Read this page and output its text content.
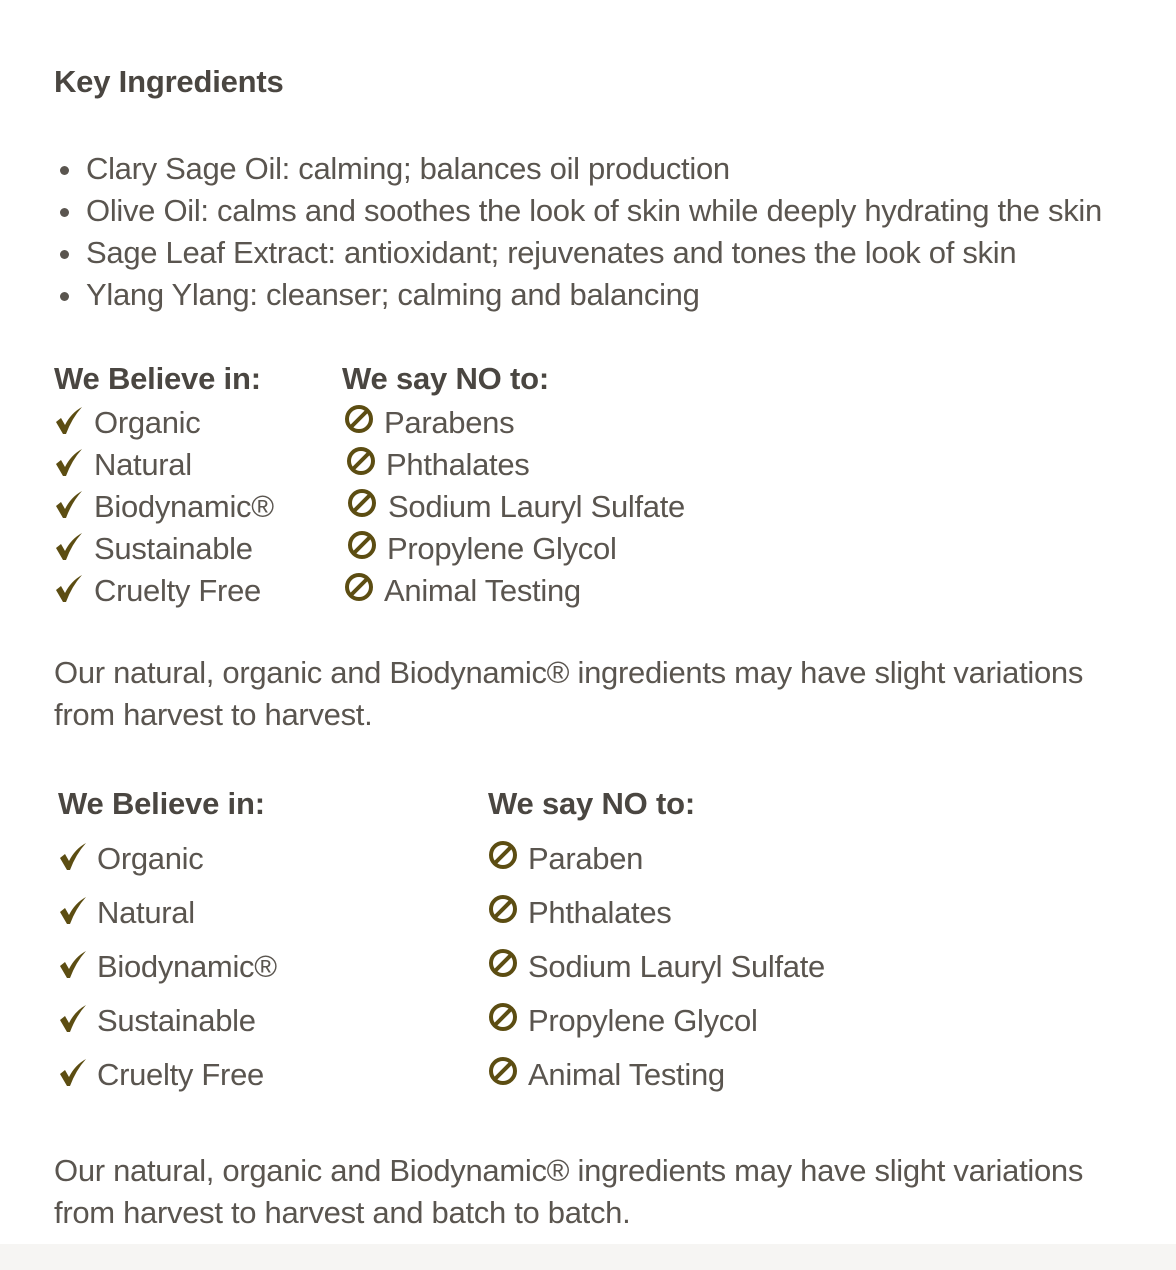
Key Ingredients
Clary Sage Oil: calming; balances oil production
Olive Oil: calms and soothes the look of skin while deeply hydrating the skin
Sage Leaf Extract: antioxidant; rejuvenates and tones the look of skin
Ylang Ylang: cleanser; calming and balancing
We Believe in:
Organic
Natural
Biodynamic®
Sustainable
Cruelty Free
We say NO to:
Parabens
Phthalates
Sodium Lauryl Sulfate
Propylene Glycol
Animal Testing

Our natural, organic and Biodynamic® ingredients may have slight variations from harvest to harvest.

We Believe in:
Organic
Natural
Biodynamic®
Sustainable
Cruelty Free
We say NO to:
Paraben
Phthalates
Sodium Lauryl Sulfate
Propylene Glycol
Animal Testing

Our natural, organic and Biodynamic® ingredients may have slight variations from harvest to harvest and batch to batch.
